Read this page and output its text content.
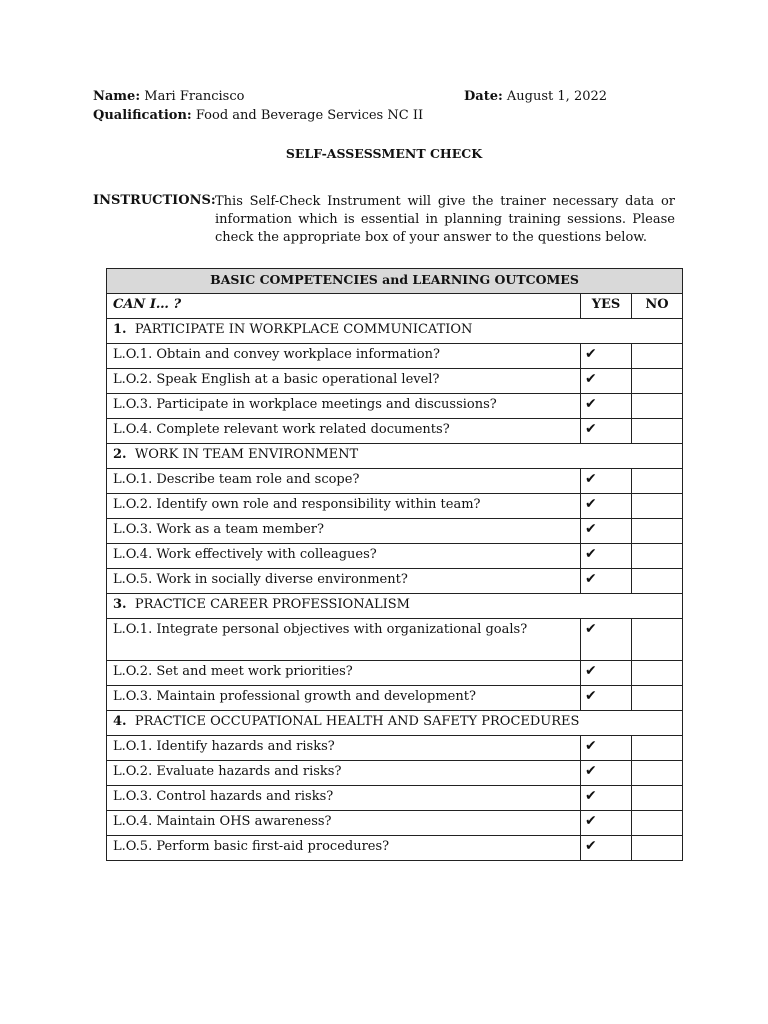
Name: Mari Francisco	Date: August 1, 2022
Qualification: Food and Beverage Services NC II
SELF-ASSESSMENT CHECK
INSTRUCTIONS: This Self-Check Instrument will give the trainer necessary data or information which is essential in planning training sessions. Please check the appropriate box of your answer to the questions below.
BASIC COMPETENCIES and LEARNING OUTCOMES		
CAN I… ?	YES	NO
1. PARTICIPATE IN WORKPLACE COMMUNICATION		
L.O.1. Obtain and convey workplace information?	✔	
L.O.2. Speak English at a basic operational level?	✔	
L.O.3. Participate in workplace meetings and discussions?	✔	
L.O.4. Complete relevant work related documents?	✔	
2. WORK IN TEAM ENVIRONMENT		
L.O.1. Describe team role and scope?	✔	
L.O.2. Identify own role and responsibility within team?	✔	
L.O.3. Work as a team member?	✔	
L.O.4. Work effectively with colleagues?	✔	
L.O.5. Work in socially diverse environment?	✔	
3. PRACTICE CAREER PROFESSIONALISM		
L.O.1. Integrate personal objectives with organizational goals?	✔	
L.O.2. Set and meet work priorities?	✔	
L.O.3. Maintain professional growth and development?	✔	
4. PRACTICE OCCUPATIONAL HEALTH AND SAFETY PROCEDURES		
L.O.1. Identify hazards and risks?	✔	
L.O.2. Evaluate hazards and risks?	✔	
L.O.3. Control hazards and risks?	✔	
L.O.4. Maintain OHS awareness?	✔	
L.O.5. Perform basic first-aid procedures?	✔	
